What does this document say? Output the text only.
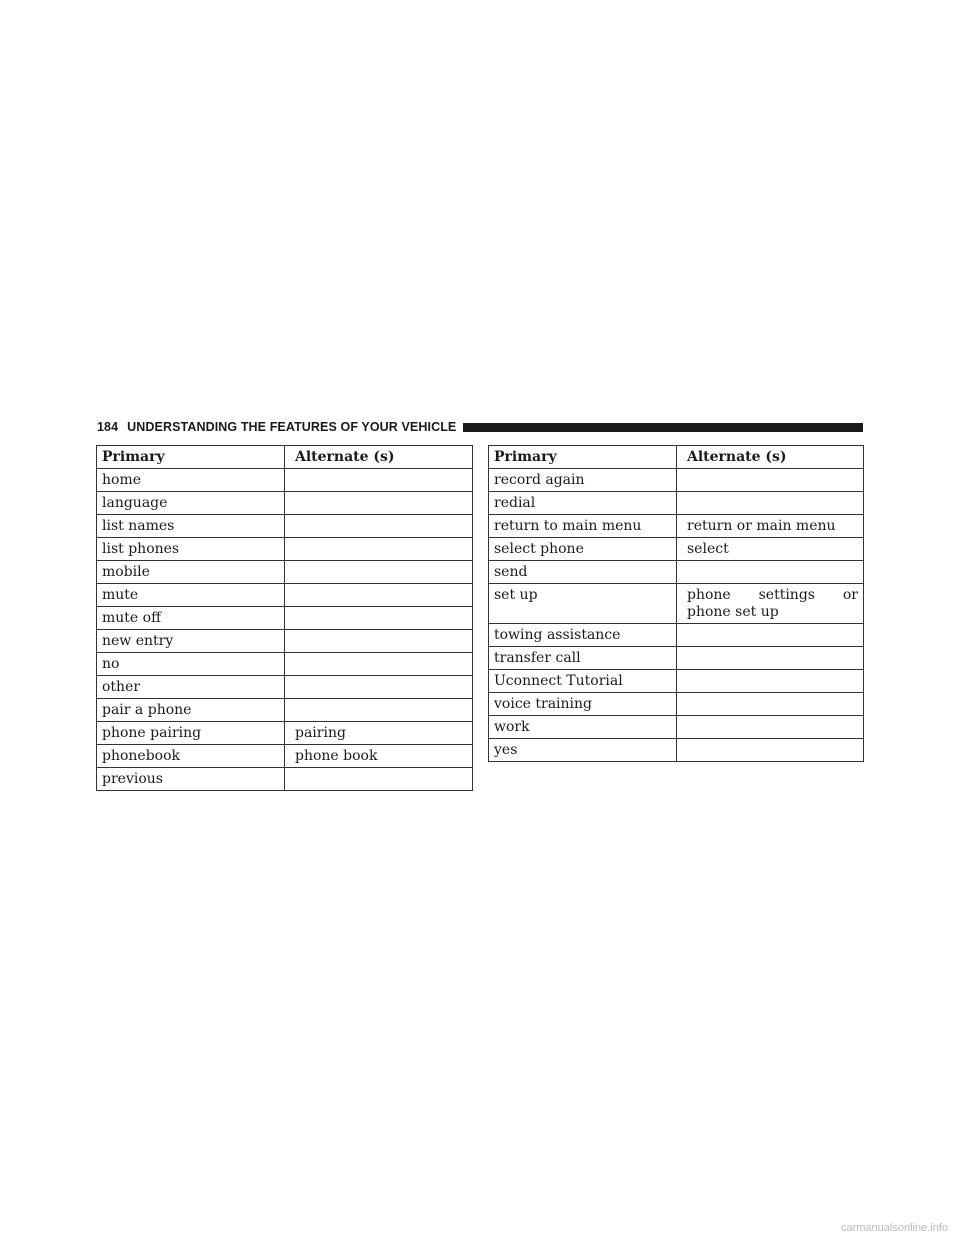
184 UNDERSTANDING THE FEATURES OF YOUR VEHICLE
Primary	Alternate (s)
home	
language	
list names	
list phones	
mobile	
mute	
mute off	
new entry	
no	
other	
pair a phone	
phone pairing	pairing
phonebook	phone book
previous	
Primary	Alternate (s)
record again	
redial	
return to main menu	return or main menu
select phone	select
send	
set up	phone settings or phone set up
towing assistance	
transfer call	
Uconnect Tutorial	
voice training	
work	
yes	
carmanualsonline.info
